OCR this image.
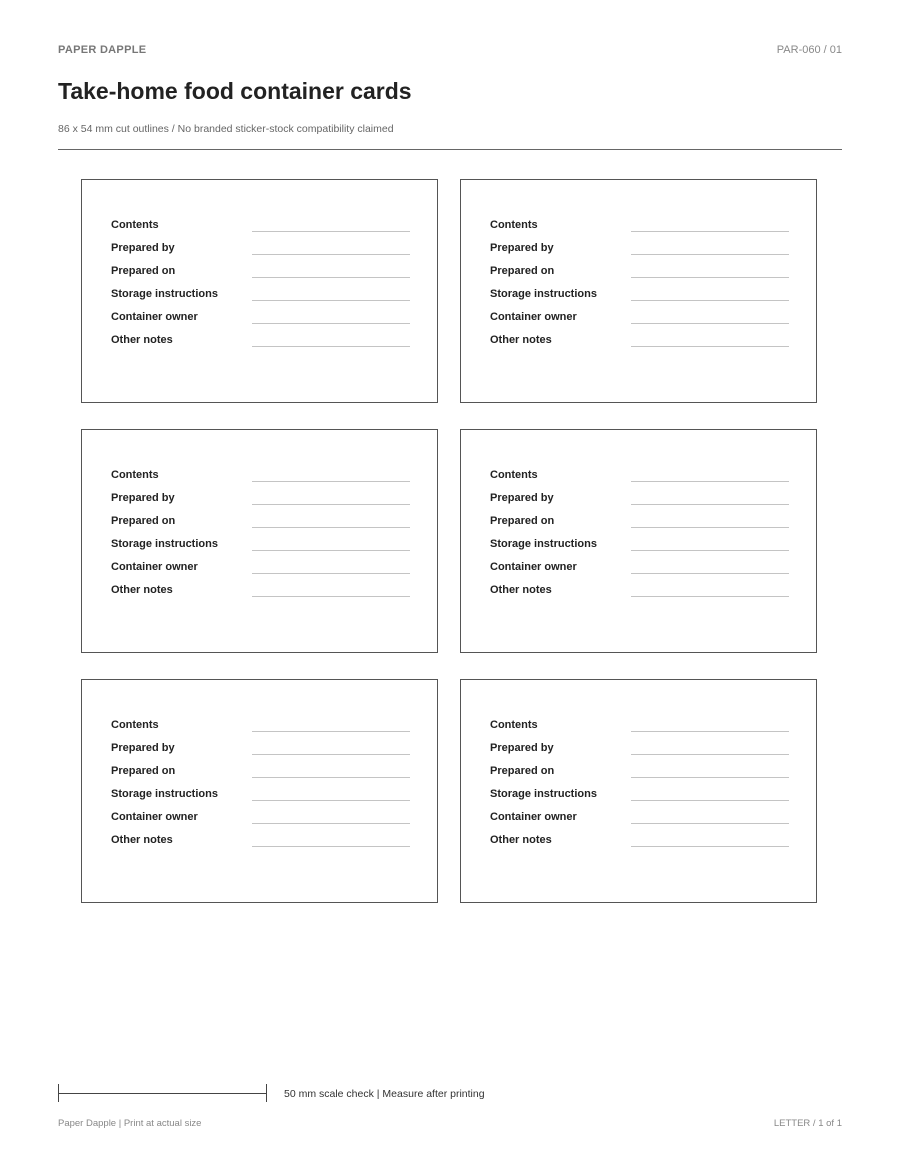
PAPER DAPPLE	PAR-060 / 01
Take-home food container cards
86 x 54 mm cut outlines / No branded sticker-stock compatibility claimed
Contents
Prepared by
Prepared on
Storage instructions
Container owner
Other notes
Contents
Prepared by
Prepared on
Storage instructions
Container owner
Other notes
Contents
Prepared by
Prepared on
Storage instructions
Container owner
Other notes
Contents
Prepared by
Prepared on
Storage instructions
Container owner
Other notes
Contents
Prepared by
Prepared on
Storage instructions
Container owner
Other notes
Contents
Prepared by
Prepared on
Storage instructions
Container owner
Other notes
50 mm scale check | Measure after printing
Paper Dapple | Print at actual size	LETTER / 1 of 1
